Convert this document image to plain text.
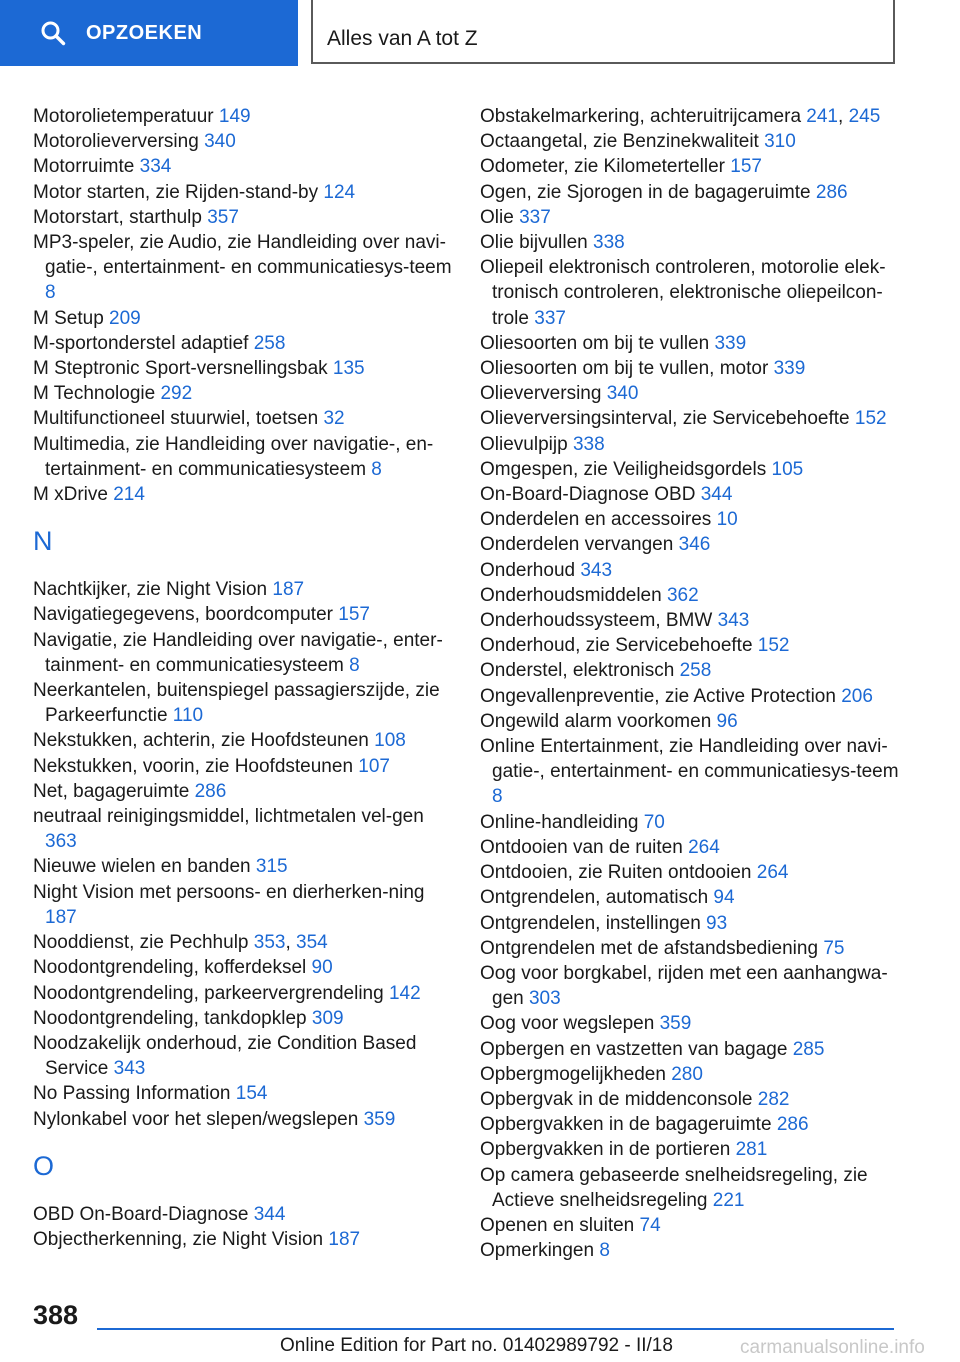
OPZOEKEN	Alles van A tot Z

Motorolietemperatuur 149

Motorolieverversing 340

Motorruimte 334

Motor starten, zie Rijden-stand-by 124

Motorstart, starthulp 357

MP3-speler, zie Audio, zie Handleiding over navi-gatie-, entertainment- en communicatiesys-teem 8

M Setup 209

M-sportonderstel adaptief 258

M Steptronic Sport-versnellingsbak 135

M Technologie 292

Multifunctioneel stuurwiel, toetsen 32

Multimedia, zie Handleiding over navigatie-, en-tertainment- en communicatiesysteem 8

M xDrive 214

N

Nachtkijker, zie Night Vision 187

Navigatiegegevens, boordcomputer 157

Navigatie, zie Handleiding over navigatie-, enter-tainment- en communicatiesysteem 8

Neerkantelen, buitenspiegel passagierszijde, zie Parkeerfunctie 110

Nekstukken, achterin, zie Hoofdsteunen 108

Nekstukken, voorin, zie Hoofdsteunen 107

Net, bagageruimte 286

neutraal reinigingsmiddel, lichtmetalen vel-gen 363

Nieuwe wielen en banden 315

Night Vision met persoons- en dierherken-ning 187

Nooddienst, zie Pechhulp 353, 354

Noodontgrendeling, kofferdeksel 90

Noodontgrendeling, parkeervergrendeling 142

Noodontgrendeling, tankdopklep 309

Noodzakelijk onderhoud, zie Condition Based Service 343

No Passing Information 154

Nylonkabel voor het slepen/wegslepen 359

O

OBD On-Board-Diagnose 344

Objectherkenning, zie Night Vision 187

Obstakelmarkering, achteruitrijcamera 241, 245

Octaangetal, zie Benzinekwaliteit 310

Odometer, zie Kilometerteller 157

Ogen, zie Sjorogen in de bagageruimte 286

Olie 337

Olie bijvullen 338

Oliepeil elektronisch controleren, motorolie elek-tronisch controleren, elektronische oliepeilcon-trole 337

Oliesoorten om bij te vullen 339

Oliesoorten om bij te vullen, motor 339

Olieverversing 340

Olieverversingsinterval, zie Servicebehoefte 152

Olievulpijp 338

Omgespen, zie Veiligheidsgordels 105

On-Board-Diagnose OBD 344

Onderdelen en accessoires 10

Onderdelen vervangen 346

Onderhoud 343

Onderhoudsmiddelen 362

Onderhoudssysteem, BMW 343

Onderhoud, zie Servicebehoefte 152

Onderstel, elektronisch 258

Ongevallenpreventie, zie Active Protection 206

Ongewild alarm voorkomen 96

Online Entertainment, zie Handleiding over navi-gatie-, entertainment- en communicatiesys-teem 8

Online-handleiding 70

Ontdooien van de ruiten 264

Ontdooien, zie Ruiten ontdooien 264

Ontgrendelen, automatisch 94

Ontgrendelen, instellingen 93

Ontgrendelen met de afstandsbediening 75

Oog voor borgkabel, rijden met een aanhangwa-gen 303

Oog voor wegslepen 359

Opbergen en vastzetten van bagage 285

Opbergmogelijkheden 280

Opbergvak in de middenconsole 282

Opbergvakken in de bagageruimte 286

Opbergvakken in de portieren 281

Op camera gebaseerde snelheidsregeling, zie Actieve snelheidsregeling 221

Openen en sluiten 74

Opmerkingen 8

388
Online Edition for Part no. 01402989792 - II/18	carmanualsonline.info
